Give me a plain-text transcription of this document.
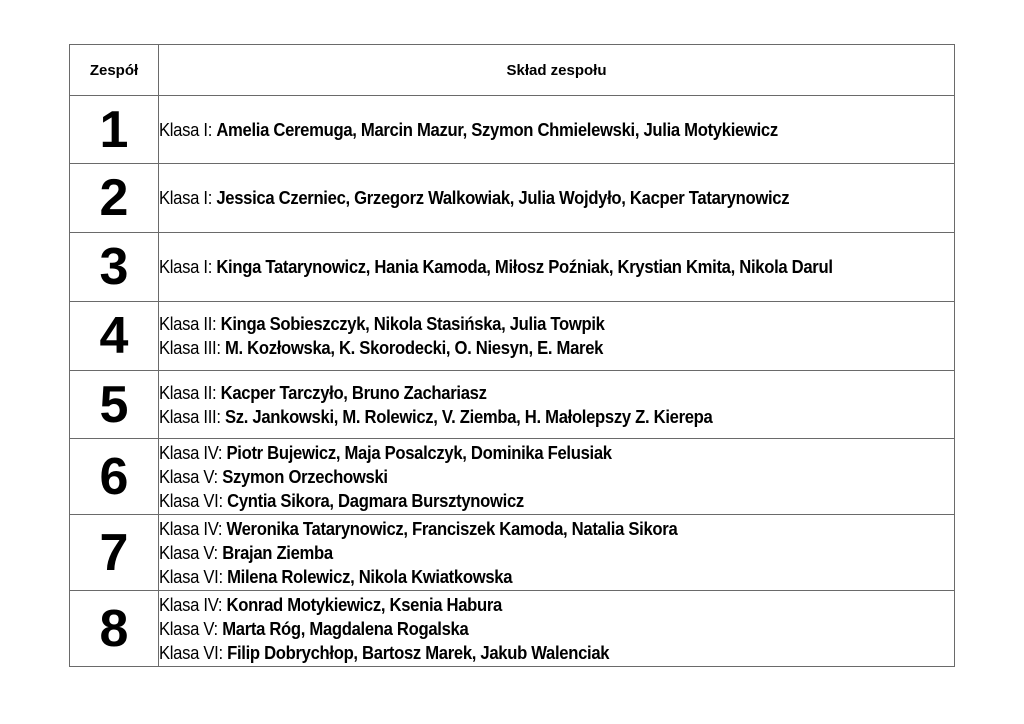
Zespół	Skład zespołu
1	Klasa I: Amelia Ceremuga, Marcin Mazur, Szymon Chmielewski, Julia Motykiewicz

2	Klasa I: Jessica Czerniec, Grzegorz Walkowiak, Julia Wojdyło, Kacper Tatarynowicz

3	Klasa I: Kinga Tatarynowicz, Hania Kamoda, Miłosz Poźniak, Krystian Kmita, Nikola Darul

4	Klasa II: Kinga Sobieszczyk, Nikola Stasińska, Julia Towpik
Klasa III: M. Kozłowska, K. Skorodecki, O. Niesyn, E. Marek

5	Klasa II: Kacper Tarczyło, Bruno Zachariasz
Klasa III: Sz. Jankowski, M. Rolewicz, V. Ziemba, H. Małolepszy Z. Kierepa

6	Klasa IV: Piotr Bujewicz, Maja Posalczyk, Dominika Felusiak
Klasa V: Szymon Orzechowski
Klasa VI: Cyntia Sikora, Dagmara Bursztynowicz

7	Klasa IV: Weronika Tatarynowicz, Franciszek Kamoda, Natalia Sikora
Klasa V: Brajan Ziemba
Klasa VI: Milena Rolewicz, Nikola Kwiatkowska

8	Klasa IV: Konrad Motykiewicz, Ksenia Habura
Klasa V: Marta Róg, Magdalena Rogalska
Klasa VI: Filip Dobrychłop, Bartosz Marek, Jakub Walenciak
